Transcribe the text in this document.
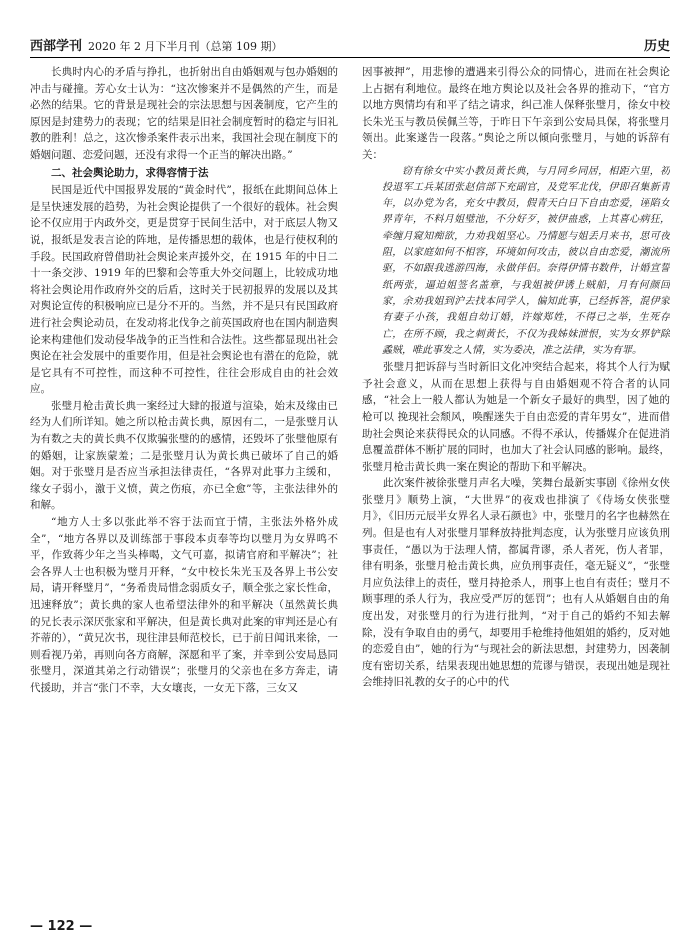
西部学刊 2020 年 2 月下半月刊（总第 109 期）	历史

长典时内心的矛盾与挣扎，也折射出自由婚姻观与包办婚姻的冲击与碰撞。芳心女士认为：“这次惨案并不是偶然的产生，而是必然的结果。它的背景是现社会的宗法思想与因袭制度，它产生的原因是封建势力的表现；它的结果是旧社会制度暂时的稳定与旧礼教的胜利！总之，这次惨杀案件表示出来，我国社会现在制度下的婚姻问题、恋爱问题，还没有求得一个正当的解决出路。”

二、社会舆论助力，求得容情于法

民国是近代中国报界发展的“黄金时代”，报纸在此期间总体上是呈快速发展的趋势，为社会舆论提供了一个很好的载体。社会舆论不仅应用于内政外交，更是贯穿于民间生活中，对于底层人物又说，报纸是发表言论的阵地，是传播思想的载体，也是行使权利的手段。民国政府曾借助社会舆论来声援外交，在 1915 年的中日二十一条交涉、1919 年的巴黎和会等重大外交问题上，比较成功地将社会舆论用作政府外交的后盾，这时关于民初报界的发展以及其对舆论宣传的积极响应已是分不开的。当然，并不是只有民国政府进行社会舆论动员，在发动将北伐争之前英国政府也在国内制造舆论来构建他们发动侵华战争的正当性和合法性。这些都显现出社会舆论在社会发展中的重要作用，但是社会舆论也有潜在的危险，就是它具有不可控性，而这种不可控性，往往会形成自由的社会效应。

张璧月枪击黄长典一案经过大肆的报道与渲染，始末及缘由已经为人们所详知。她之所以枪击黄长典，原因有二，一是张璧月认为有数之夫的黄长典不仅欺骗张璧的的感情，还毁坏了张璧他原有的婚姻，让家族蒙羞；二是张璧月认为黄长典已破坏了自己的婚姻。对于张璧月是否应当承担法律责任，“各界对此事力主缓和，缘女子弱小，激于义愤，黄之伤痕，亦已全愈”等，主张法律外的和解。

“地方人士多以张此举不容于法而宜于情，主张法外格外成全”，“地方各界以及训练部于事段本贞奉等均以璧月为女界鸣不平，作致蒋少年之当头棒喝，文气可嘉，拟请官府和平解决”；社会各界人士也积极为璧月开释，“女中校长朱光玉及各界上书公安局，请开释璧月”，“务希贵局惜念弱质女子，顺全张之家长性命，迅速释放”；黄长典的家人也希望法律外的和平解决（虽然黄长典的兄长表示深厌张家和平解决，但是黄长典对此案的审判还是心有芥蒂的），“黄兄次书，现往津县师范校长，已于前日闻讯来徐，一则看视乃弟，再则向各方商解，深愿和平了案，并幸到公安局恳同张璧月，深道其弟之行动错误”；张璧月的父亲也在多方奔走，请代援助，并言“张门不幸，大女壤丧，一女无下落，三女又

因事被押”，用悲惨的遭遇来引得公众的同情心，进而在社会舆论上占据有利地位。最终在地方舆论以及社会各界的推动下，“官方以地方舆情均有和平了结之请求，纠己准人保释张璧月，徐女中校长朱光玉与教员侯佩兰等，于昨日下午亲到公安局具保，将张璧月领出。此案遂告一段落。”舆论之所以倾向张璧月，与她的诉辞有关：

窃有徐女中实小教员黄长典，与月同乡同居，相距六里，初投退军工兵某团张赵信部下充副官，及党军北伐，伊即召集新青年，以办党为名，充女中教员，假青天白日下自由恋爱，诬陷女界青年，不料月姐璧池，不分好歹，被伊蛊惑，上其喜心病狂，牵缠月窥知痴欲，力劝我姐坚心。乃情愿与姐丢月来书，思可夜阻，以家庭如何不相容，环境如何攻击，彼以自由恋爱，潮流所驱，不如跟我逃游四海，永做伴侣。奈得伊情书数件，计婚宣誓纸两张，逼迫姐签名盖章，与我姐被伊诱上贼船，月有何颜回家，余劝我姐到沪去找本同学人，偏知此事，已经拆答，混伊家有妻子小孩，我姐自幼订婚，许嫁郑姓，不得已之举，生死存亡，在所不顾，我之刺黄长，不仅为我姊妹泄恨，实为女界铲除蟊贼，唯此事发之人情，实为委决，准之法律，实为有罪。

张璧月把诉辞与当时新旧文化冲突结合起来，将其个人行为赋予社会意义，从而在思想上获得与自由婚姻观不符合者的认同感，“社会上一般人都认为她是一个新女子最好的典型，因了她的 枪可以 挽现社会颓风，唤醒迷失于自由恋爱的青年男女”，进而借助社会舆论来获得民众的认同感。不得不承认，传播媒介在促进消息覆盖群体不断扩展的同时，也加大了社会认同感的影响。最终，张璧月枪击黄长典一案在舆论的帮助下和平解决。

此次案件被徐张璧月声名大噪，笑舞台最新实事剧《徐州女侠张璧月》顺势上演，“大世界”的夜戏也排演了《侍场女侠张璧月》，《旧历元辰半女界名人录石颜也》中，张璧月的名字也赫然在列。但是也有人对张璧月罪释放持批判态度，认为张璧月应该负刑事责任，“愚以为于法理人情，都属背谬，杀人者死，伤人者罪，律有明条，张璧月枪击黄长典，应负刑事责任，毫无疑义”，“张璧月应负法律上的责任，璧月持抢杀人，刑事上也自有责任；璧月不顾事理的杀人行为，我应受严厉的惩罚”；也有人从婚姻自由的角度出发，对张璧月的行为进行批判，“对于自己的婚约不知去解除，没有争取自由的勇气，却要用手枪维持他姐姐的婚约，反对她的恋爱自由”，她的行为“与现社会的新法思想，封建势力，因袭制度有密切关系，结果表现出她思想的荒谬与错误，表现出她是现社会维持旧礼教的女子的心中的代

— 122 —
